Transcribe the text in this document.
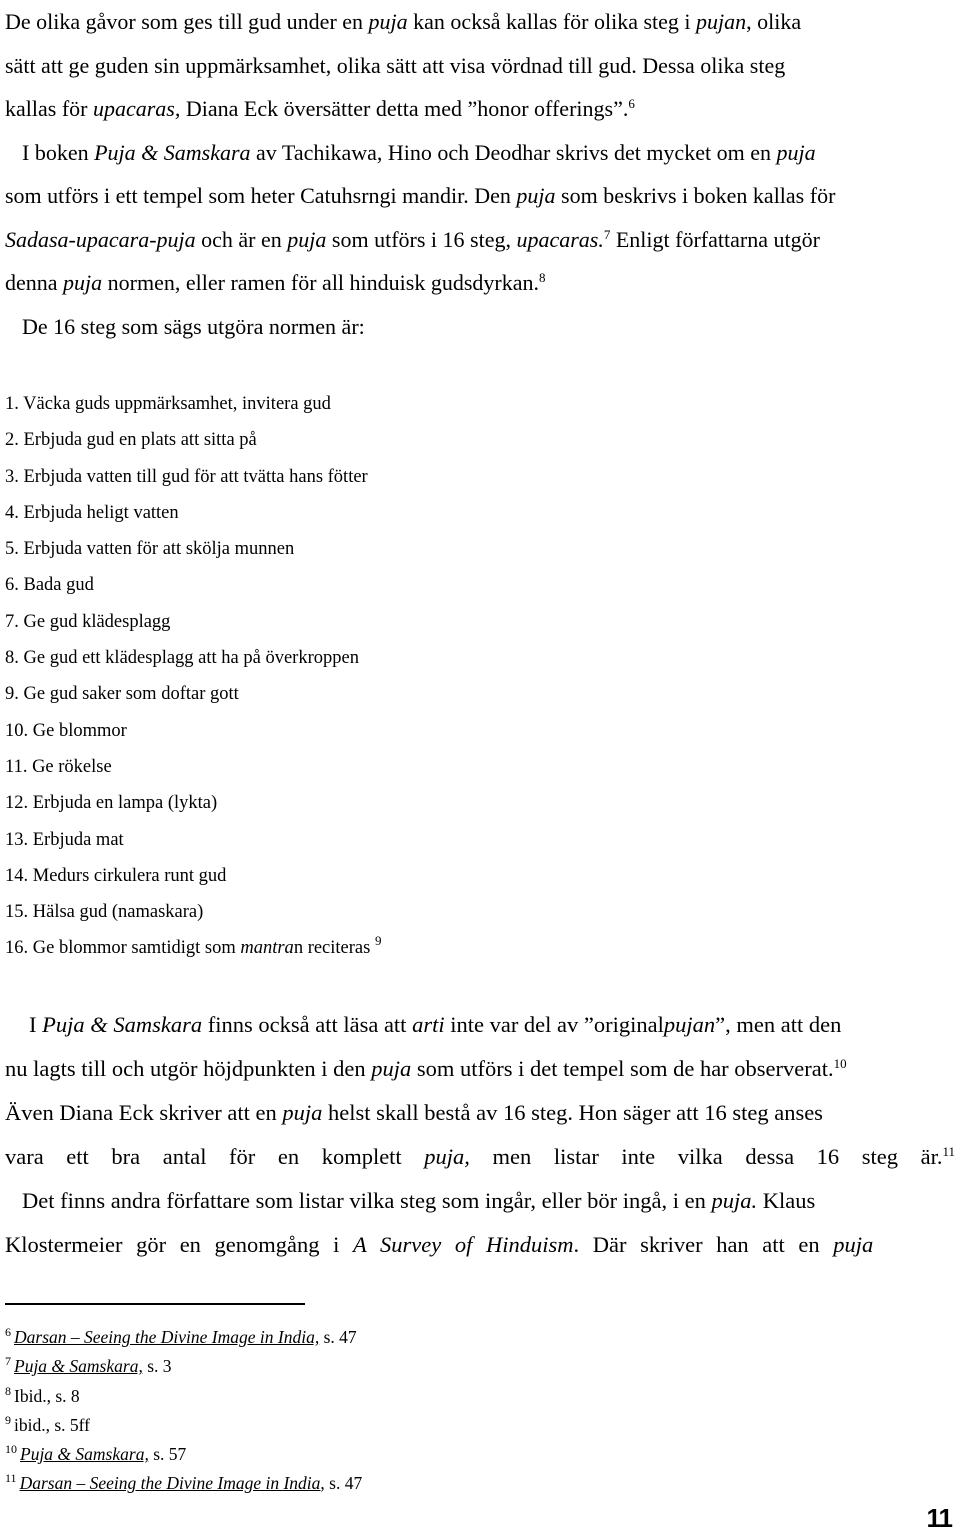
De olika gåvor som ges till gud under en puja kan också kallas för olika steg i pujan, olika
sätt att ge guden sin uppmärksamhet, olika sätt att visa vördnad till gud. Dessa olika steg
kallas för upacaras, Diana Eck översätter detta med ”honor offerings”.$^6$
I boken Puja & Samskara av Tachikawa, Hino och Deodhar skrivs det mycket om en puja
som utförs i ett tempel som heter Catuhsrngi mandir. Den puja som beskrivs i boken kallas för
Sadasa-upacara-puja och är en puja som utförs i 16 steg, upacaras.$^7$ Enligt författarna utgör
denna puja normen, eller ramen för all hinduisk gudsdyrkan.$^8$
De 16 steg som sägs utgöra normen är:
1. Väcka guds uppmärksamhet, invitera gud
2. Erbjuda gud en plats att sitta på
3. Erbjuda vatten till gud för att tvätta hans fötter
4. Erbjuda heligt vatten
5. Erbjuda vatten för att skölja munnen
6. Bada gud
7. Ge gud klädesplagg
8. Ge gud ett klädesplagg att ha på överkroppen
9. Ge gud saker som doftar gott
10. Ge blommor
11. Ge rökelse
12. Erbjuda en lampa (lykta)
13. Erbjuda mat
14. Medurs cirkulera runt gud
15. Hälsa gud (namaskara)
16. Ge blommor samtidigt som mantran reciteras $^9$
I Puja & Samskara finns också att läsa att arti inte var del av ”originalpujan”, men att den
nu lagts till och utgör höjdpunkten i den puja som utförs i det tempel som de har observerat.$^{10}$
Även Diana Eck skriver att en puja helst skall bestå av 16 steg. Hon säger att 16 steg anses
vara ett bra antal för en komplett puja, men listar inte vilka dessa 16 steg är.$^{11}$
Det finns andra författare som listar vilka steg som ingår, eller bör ingå, i en puja. Klaus
Klostermeier gör en genomgång i A Survey of Hinduism. Där skriver han att en puja
$^6$ Darsan – Seeing the Divine Image in India, s. 47
$^7$ Puja & Samskara, s. 3
$^8$ Ibid., s. 8
$^9$ ibid., s. 5ff
$^{10}$ Puja & Samskara, s. 57
$^{11}$ Darsan – Seeing the Divine Image in India, s. 47
11
